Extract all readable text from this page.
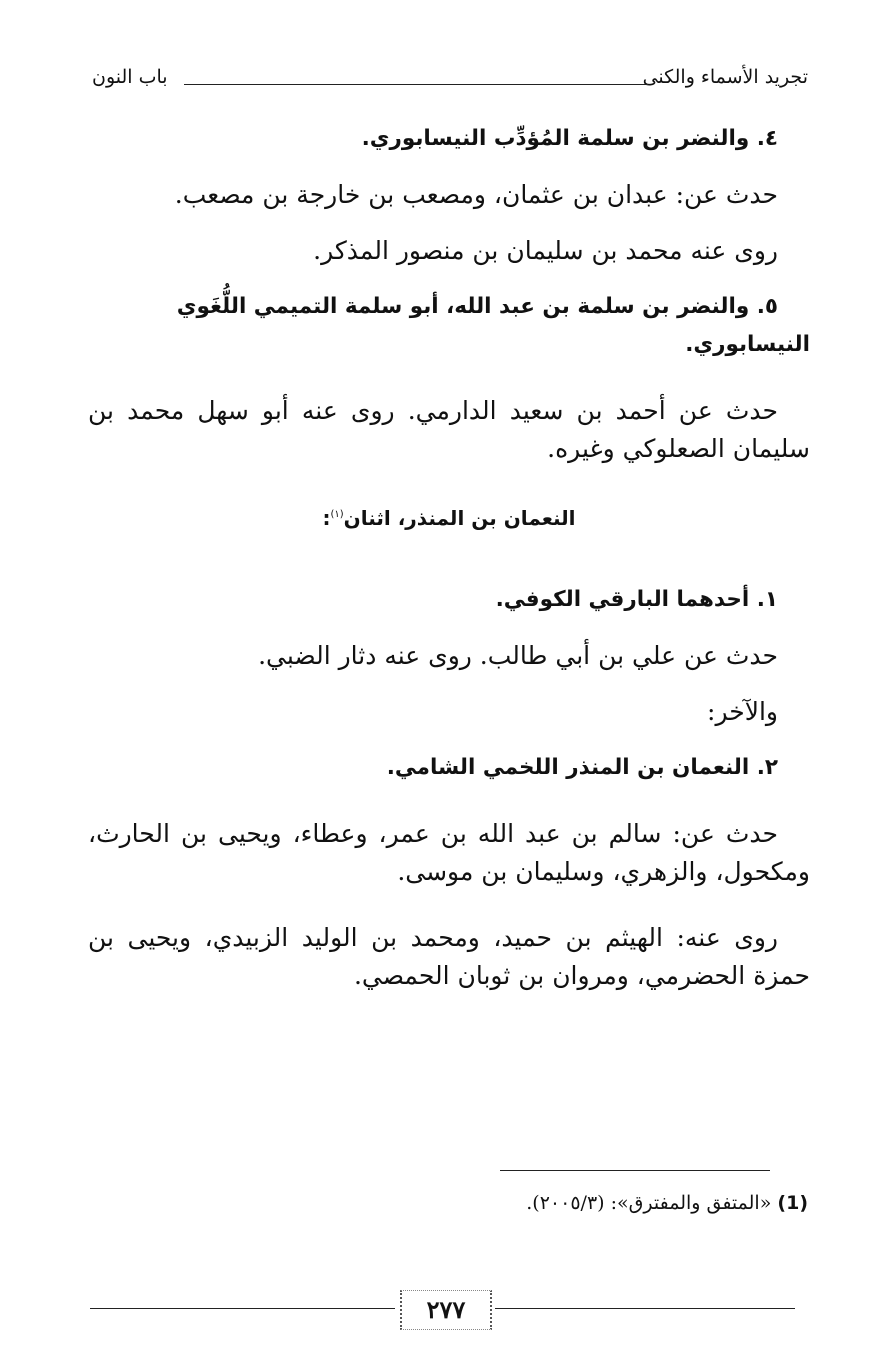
تجريد الأسماء والكنى
باب النون

٤. والنضر بن سلمة المُؤدِّب النيسابوري.

حدث عن: عبدان بن عثمان، ومصعب بن خارجة بن مصعب.

روى عنه محمد بن سليمان بن منصور المذكر.

٥. والنضر بن سلمة بن عبد الله، أبو سلمة التميمي اللُّغَوي النيسابوري.

حدث عن أحمد بن سعيد الدارمي. روى عنه أبو سهل محمد بن سليمان الصعلوكي وغيره.

النعمان بن المنذر، اثنان$^{(١)}$:

١. أحدهما البارقي الكوفي.

حدث عن علي بن أبي طالب. روى عنه دثار الضبي.

والآخر:

٢. النعمان بن المنذر اللخمي الشامي.

حدث عن: سالم بن عبد الله بن عمر، وعطاء، ويحيى بن الحارث، ومكحول، والزهري، وسليمان بن موسى.

روى عنه: الهيثم بن حميد، ومحمد بن الوليد الزبيدي، ويحيى بن حمزة الحضرمي، ومروان بن ثوبان الحمصي.

(1) «المتفق والمفترق»: (٢٠٠٥/٣).
٢٧٧
